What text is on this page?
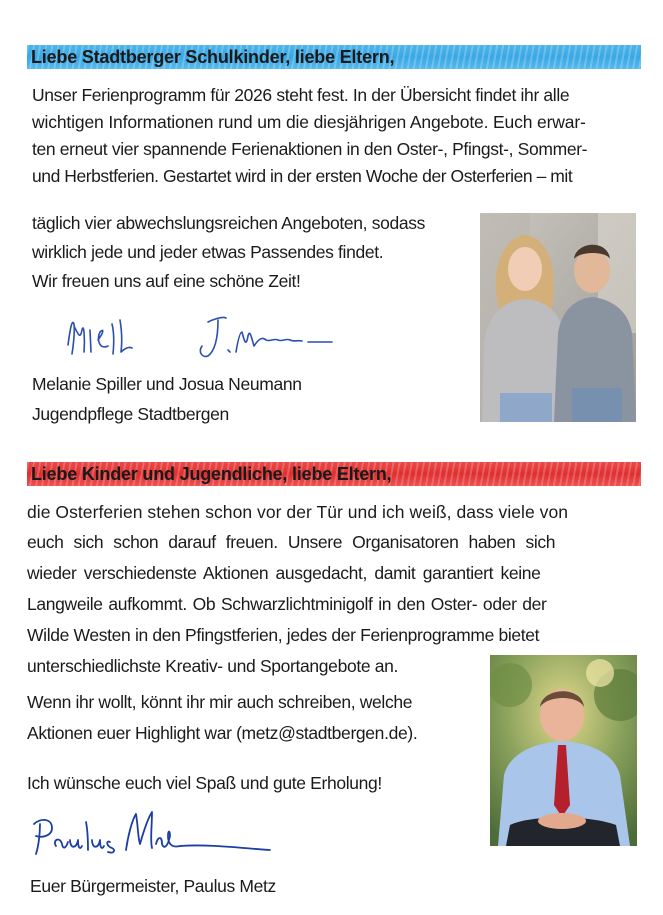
Liebe Stadtberger Schulkinder, liebe Eltern,
Unser Ferienprogramm für 2026 steht fest. In der Übersicht findet ihr alle
wichtigen Informationen rund um die diesjährigen Angebote. Euch erwar-
ten erneut vier spannende Ferienaktionen in den Oster-, Pfingst-, Sommer-
und Herbstferien. Gestartet wird in der ersten Woche der Osterferien – mit
täglich vier abwechslungsreichen Angeboten, sodass
wirklich jede und jeder etwas Passendes findet.
Wir freuen uns auf eine schöne Zeit!
Melanie Spiller und Josua Neumann
Jugendpflege Stadtbergen
Liebe Kinder und Jugendliche, liebe Eltern,
die Osterferien stehen schon vor der Tür und ich weiß, dass viele von
euch sich schon darauf freuen. Unsere Organisatoren haben sich
wieder verschiedenste Aktionen ausgedacht, damit garantiert keine
Langweile aufkommt. Ob Schwarzlichtminigolf in den Oster- oder der
Wilde Westen in den Pfingstferien, jedes der Ferienprogramme bietet
unterschiedlichste Kreativ- und Sportangebote an.
Wenn ihr wollt, könnt ihr mir auch schreiben, welche
Aktionen euer Highlight war (metz@stadtbergen.de).
Ich wünsche euch viel Spaß und gute Erholung!
Euer Bürgermeister, Paulus Metz
